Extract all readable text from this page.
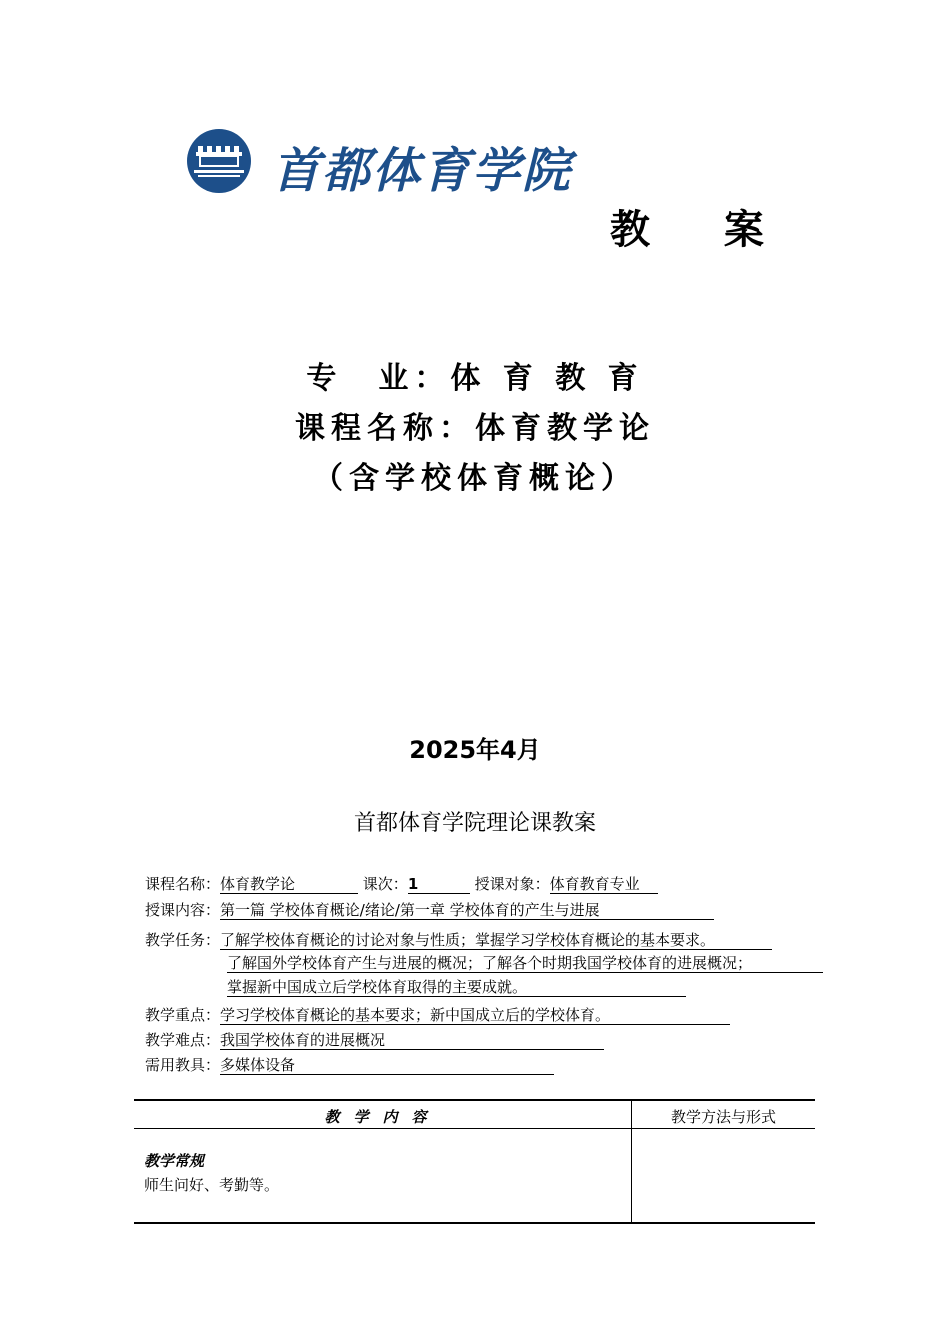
首都体育学院
教 案
专　业：体 育 教 育
课程名称：体育教学论
（含学校体育概论）
2025年4月
首都体育学院理论课教案
课程名称：体育教学论	课次：1	授课对象：体育教育专业
授课内容：第一篇 学校体育概论/绪论/第一章 学校体育的产生与进展
教学任务：了解学校体育概论的讨论对象与性质；掌握学习学校体育概论的基本要求。
了解国外学校体育产生与进展的概况；了解各个时期我国学校体育的进展概况；
掌握新中国成立后学校体育取得的主要成就。
教学重点：学习学校体育概论的基本要求；新中国成立后的学校体育。
教学难点：我国学校体育的进展概况
需用教具：多媒体设备
教学内容	教学方法与形式
教学常规
师生问好、考勤等。
